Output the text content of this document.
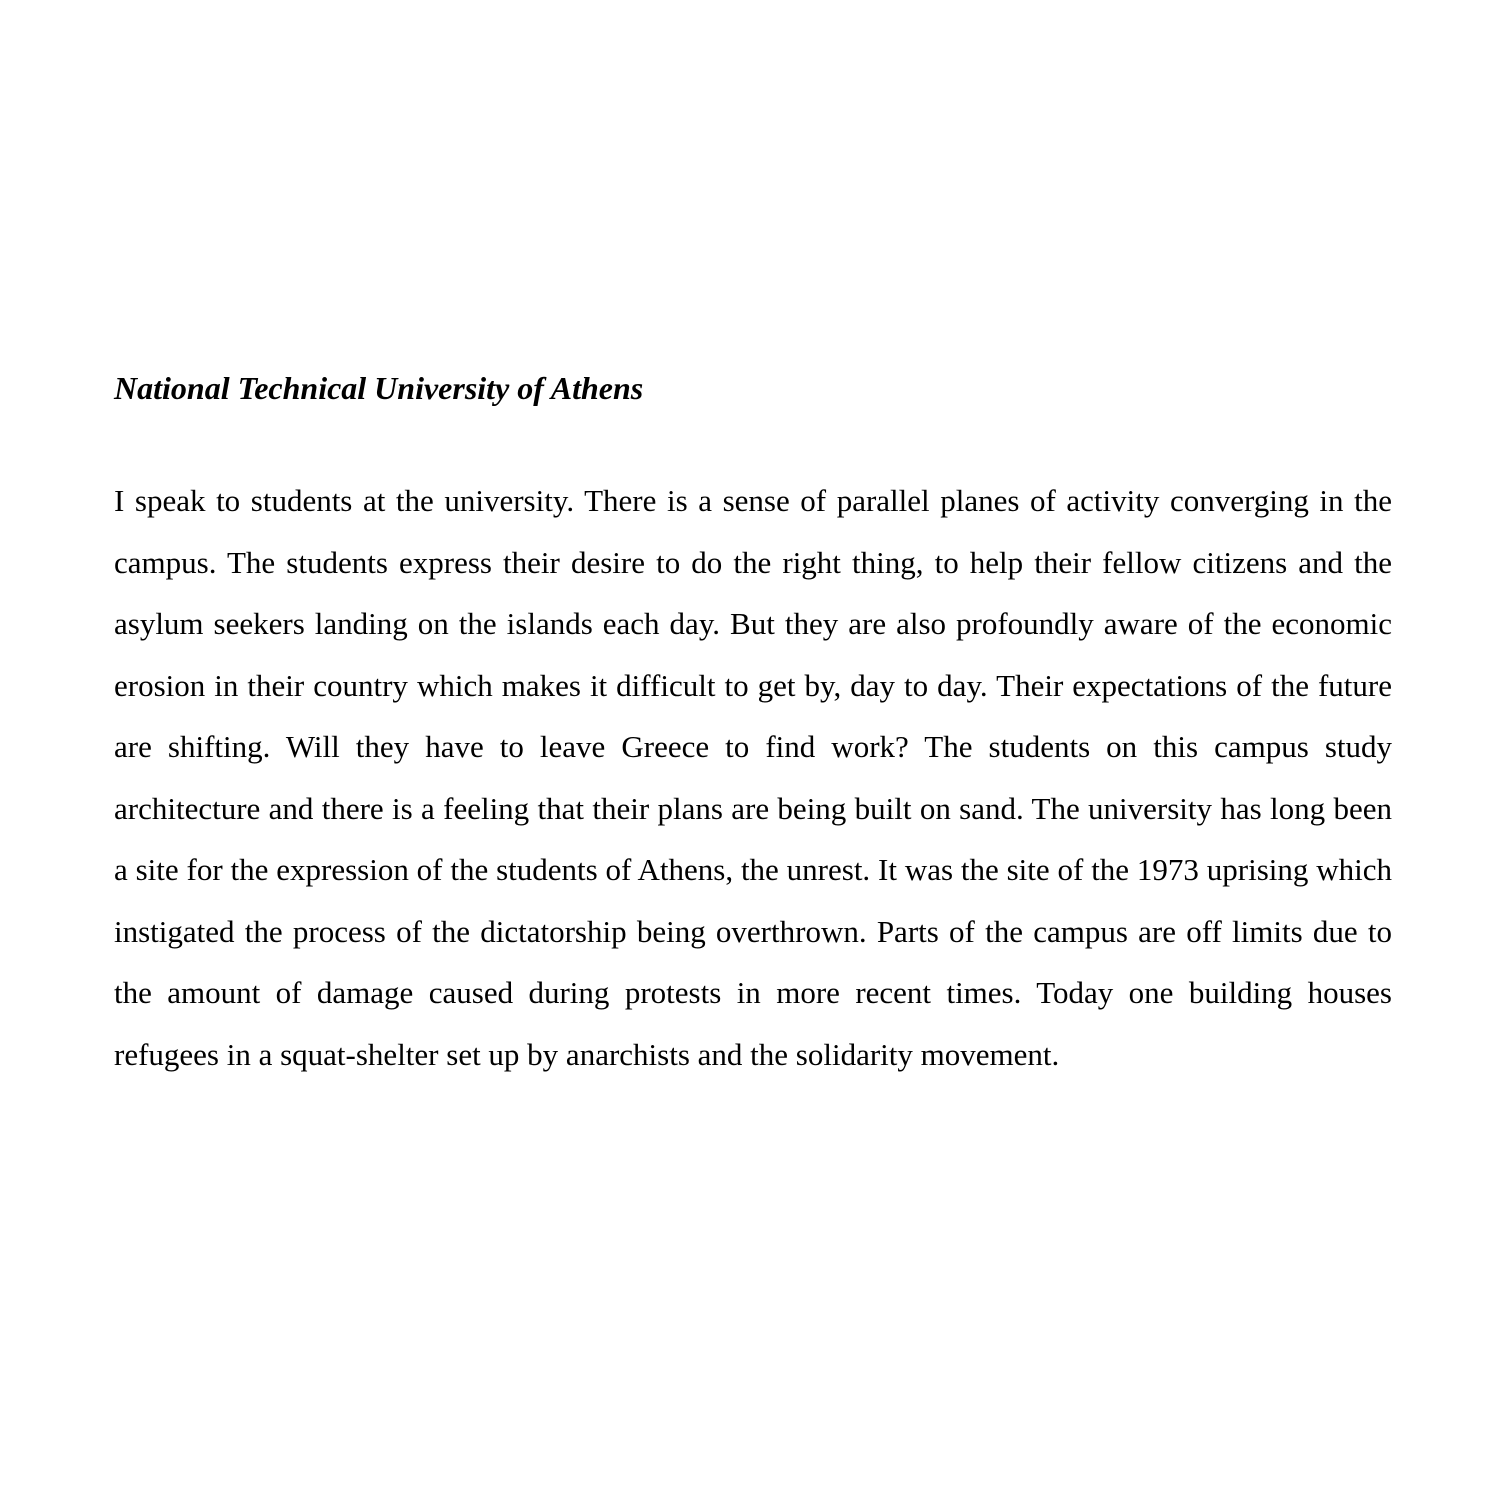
National Technical University of Athens

I speak to students at the university. There is a sense of parallel planes of activity converging in the campus. The students express their desire to do the right thing, to help their fellow citizens and the asylum seekers landing on the islands each day. But they are also profoundly aware of the economic erosion in their country which makes it difficult to get by, day to day. Their expectations of the future are shifting. Will they have to leave Greece to find work? The students on this campus study architecture and there is a feeling that their plans are being built on sand. The university has long been a site for the expression of the students of Athens, the unrest. It was the site of the 1973 uprising which instigated the process of the dictatorship being overthrown. Parts of the campus are off limits due to the amount of damage caused during protests in more recent times. Today one building houses refugees in a squat-shelter set up by anarchists and the solidarity movement.
